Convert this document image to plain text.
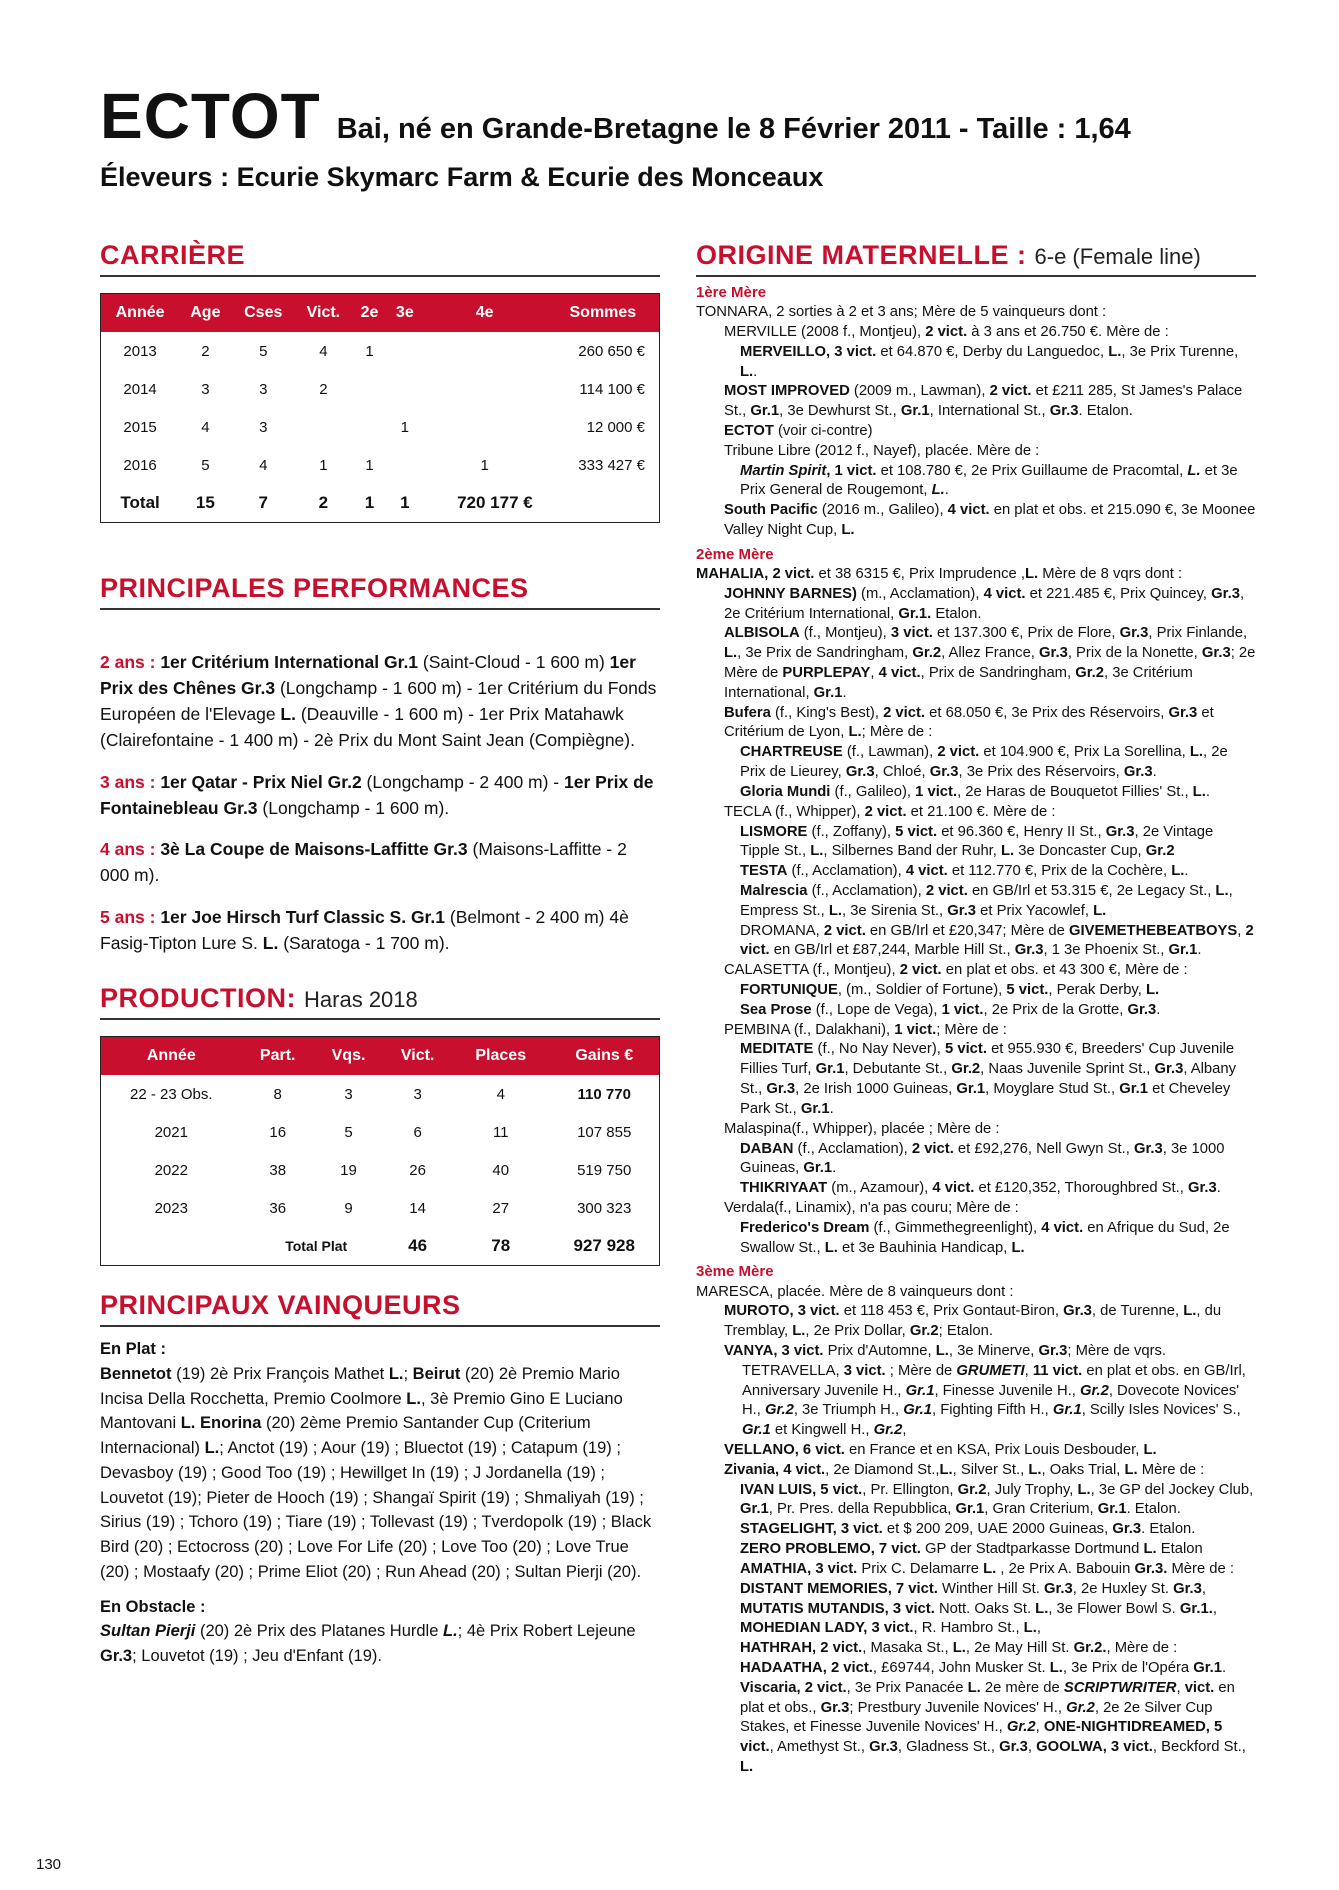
ECTOT Bai, né en Grande-Bretagne le 8 Février 2011 - Taille : 1,64
Éleveurs : Ecurie Skymarc Farm & Ecurie des Monceaux
CARRIÈRE
Année	Age	Cses	Vict.	2e	3e	4e	Sommes
2013	2	5	4	1			260 650 €
2014	3	3	2				114 100 €
2015	4	3			1		12 000 €
2016	5	4	1	1		1	333 427 €
Total	15	7	2	1	1	720 177 €	
PRINCIPALES PERFORMANCES

2 ans : 1er Critérium International Gr.1 (Saint-Cloud - 1 600 m) 1er Prix des Chênes Gr.3 (Longchamp - 1 600 m) - 1er Critérium du Fonds Européen de l'Elevage L. (Deauville - 1 600 m) - 1er Prix Matahawk (Clairefontaine - 1 400 m) - 2è Prix du Mont Saint Jean (Compiègne).

3 ans : 1er Qatar - Prix Niel Gr.2 (Longchamp - 2 400 m) - 1er Prix de Fontainebleau Gr.3 (Longchamp - 1 600 m).

4 ans : 3è La Coupe de Maisons-Laffitte Gr.3 (Maisons-Laffitte - 2 000 m).

5 ans : 1er Joe Hirsch Turf Classic S. Gr.1 (Belmont - 2 400 m) 4è Fasig-Tipton Lure S. L. (Saratoga - 1 700 m).

PRODUCTION: Haras 2018
Année	Part.	Vqs.	Vict.	Places	Gains €
22 - 23 Obs.	8	3	3	4	110 770
2021	16	5	6	11	107 855
2022	38	19	26	40	519 750
2023	36	9	14	27	300 323
Total Plat			46	78	927 928
PRINCIPAUX VAINQUEURS
En Plat :

Bennetot (19) 2è Prix François Mathet L.; Beirut (20) 2è Premio Mario Incisa Della Rocchetta, Premio Coolmore L., 3è Premio Gino E Luciano Mantovani L. Enorina (20) 2ème Premio Santander Cup (Criterium Internacional) L.; Anctot (19) ; Aour (19) ; Bluectot (19) ; Catapum (19) ; Devasboy (19) ; Good Too (19) ; Hewillget In (19) ; J Jordanella (19) ; Louvetot (19); Pieter de Hooch (19) ; Shangaï Spirit (19) ; Shmaliyah (19) ; Sirius (19) ; Tchoro (19) ; Tiare (19) ; Tollevast (19) ; Tverdopolk (19) ; Black Bird (20) ; Ectocross (20) ; Love For Life (20) ; Love Too (20) ; Love True (20) ; Mostaafy (20) ; Prime Eliot (20) ; Run Ahead (20) ; Sultan Pierji (20).

En Obstacle :

Sultan Pierji (20) 2è Prix des Platanes Hurdle L.; 4è Prix Robert Lejeune Gr.3; Louvetot (19) ; Jeu d'Enfant (19).

ORIGINE MATERNELLE : 6-e (Female line)
1ère Mère
TONNARA, 2 sorties à 2 et 3 ans; Mère de 5 vainqueurs dont :
MERVILLE (2008 f., Montjeu), 2 vict. à 3 ans et 26.750 €. Mère de :
MERVEILLO, 3 vict. et 64.870 €, Derby du Languedoc, L., 3e Prix Turenne, L..
MOST IMPROVED (2009 m., Lawman), 2 vict. et £211 285, St James's Palace St., Gr.1, 3e Dewhurst St., Gr.1, International St., Gr.3. Etalon.
ECTOT (voir ci-contre)
Tribune Libre (2012 f., Nayef), placée. Mère de :
Martin Spirit, 1 vict. et 108.780 €, 2e Prix Guillaume de Pracomtal, L. et 3e Prix General de Rougemont, L..
South Pacific (2016 m., Galileo), 4 vict. en plat et obs. et 215.090 €, 3e Moonee Valley Night Cup, L.
2ème Mère
MAHALIA, 2 vict. et 38 6315 €, Prix Imprudence ,L. Mère de 8 vqrs dont :
JOHNNY BARNES) (m., Acclamation), 4 vict. et 221.485 €, Prix Quincey, Gr.3, 2e Critérium International, Gr.1. Etalon.
ALBISOLA (f., Montjeu), 3 vict. et 137.300 €, Prix de Flore, Gr.3, Prix Finlande, L., 3e Prix de Sandringham, Gr.2, Allez France, Gr.3, Prix de la Nonette, Gr.3; 2e Mère de PURPLEPAY, 4 vict., Prix de Sandringham, Gr.2, 3e Critérium International, Gr.1.
Bufera (f., King's Best), 2 vict. et 68.050 €, 3e Prix des Réservoirs, Gr.3 et Critérium de Lyon, L.; Mère de :
CHARTREUSE (f., Lawman), 2 vict. et 104.900 €, Prix La Sorellina, L., 2e Prix de Lieurey, Gr.3, Chloé, Gr.3, 3e Prix des Réservoirs, Gr.3.
Gloria Mundi (f., Galileo), 1 vict., 2e Haras de Bouquetot Fillies' St., L..
TECLA (f., Whipper), 2 vict. et 21.100 €. Mère de :
LISMORE (f., Zoffany), 5 vict. et 96.360 €, Henry II St., Gr.3, 2e Vintage Tipple St., L., Silbernes Band der Ruhr, L. 3e Doncaster Cup, Gr.2
TESTA (f., Acclamation), 4 vict. et 112.770 €, Prix de la Cochère, L..
Malrescia (f., Acclamation), 2 vict. en GB/Irl et 53.315 €, 2e Legacy St., L., Empress St., L., 3e Sirenia St., Gr.3 et Prix Yacowlef, L.
DROMANA, 2 vict. en GB/Irl et £20,347; Mère de GIVEMETHEBEATBOYS, 2 vict. en GB/Irl et £87,244, Marble Hill St., Gr.3, 1 3e Phoenix St., Gr.1.
CALASETTA (f., Montjeu), 2 vict. en plat et obs. et 43 300 €, Mère de :
FORTUNIQUE, (m., Soldier of Fortune), 5 vict., Perak Derby, L.
Sea Prose (f., Lope de Vega), 1 vict., 2e Prix de la Grotte, Gr.3.
PEMBINA (f., Dalakhani), 1 vict.; Mère de :
MEDITATE (f., No Nay Never), 5 vict. et 955.930 €, Breeders' Cup Juvenile Fillies Turf, Gr.1, Debutante St., Gr.2, Naas Juvenile Sprint St., Gr.3, Albany St., Gr.3, 2e Irish 1000 Guineas, Gr.1, Moyglare Stud St., Gr.1 et Cheveley Park St., Gr.1.
Malaspina(f., Whipper), placée ; Mère de :
DABAN (f., Acclamation), 2 vict. et £92,276, Nell Gwyn St., Gr.3, 3e 1000 Guineas, Gr.1.
THIKRIYAAT (m., Azamour), 4 vict. et £120,352, Thoroughbred St., Gr.3.
Verdala(f., Linamix), n'a pas couru; Mère de :
Frederico's Dream (f., Gimmethegreenlight), 4 vict. en Afrique du Sud, 2e Swallow St., L. et 3e Bauhinia Handicap, L.
3ème Mère
MARESCA, placée. Mère de 8 vainqueurs dont :
MUROTO, 3 vict. et 118 453 €, Prix Gontaut-Biron, Gr.3, de Turenne, L., du Tremblay, L., 2e Prix Dollar, Gr.2; Etalon.
VANYA, 3 vict. Prix d'Automne, L., 3e Minerve, Gr.3; Mère de vqrs.
TETRAVELLA, 3 vict. ; Mère de GRUMETI, 11 vict. en plat et obs. en GB/Irl, Anniversary Juvenile H., Gr.1, Finesse Juvenile H., Gr.2, Dovecote Novices' H., Gr.2, 3e Triumph H., Gr.1, Fighting Fifth H., Gr.1, Scilly Isles Novices' S., Gr.1 et Kingwell H., Gr.2,
VELLANO, 6 vict. en France et en KSA, Prix Louis Desbouder, L.
Zivania, 4 vict., 2e Diamond St.,L., Silver St., L., Oaks Trial, L. Mère de :
IVAN LUIS, 5 vict., Pr. Ellington, Gr.2, July Trophy, L., 3e GP del Jockey Club, Gr.1, Pr. Pres. della Repubblica, Gr.1, Gran Criterium, Gr.1. Etalon.
STAGELIGHT, 3 vict. et $ 200 209, UAE 2000 Guineas, Gr.3. Etalon.
ZERO PROBLEMO, 7 vict. GP der Stadtparkasse Dortmund L. Etalon
AMATHIA, 3 vict. Prix C. Delamarre L. , 2e Prix A. Babouin Gr.3. Mère de : DISTANT MEMORIES, 7 vict. Winther Hill St. Gr.3, 2e Huxley St. Gr.3, MUTATIS MUTANDIS, 3 vict. Nott. Oaks St. L., 3e Flower Bowl S. Gr.1., MOHEDIAN LADY, 3 vict., R. Hambro St., L.,
HATHRAH, 2 vict., Masaka St., L., 2e May Hill St. Gr.2., Mère de : HADAATHA, 2 vict., £69744, John Musker St. L., 3e Prix de l'Opéra Gr.1.
Viscaria, 2 vict., 3e Prix Panacée L. 2e mère de SCRIPTWRITER, vict. en plat et obs., Gr.3; Prestbury Juvenile Novices' H., Gr.2, 2e 2e Silver Cup Stakes, et Finesse Juvenile Novices' H., Gr.2, ONE-NIGHTIDREAMED, 5 vict., Amethyst St., Gr.3, Gladness St., Gr.3, GOOLWA, 3 vict., Beckford St., L.
130
